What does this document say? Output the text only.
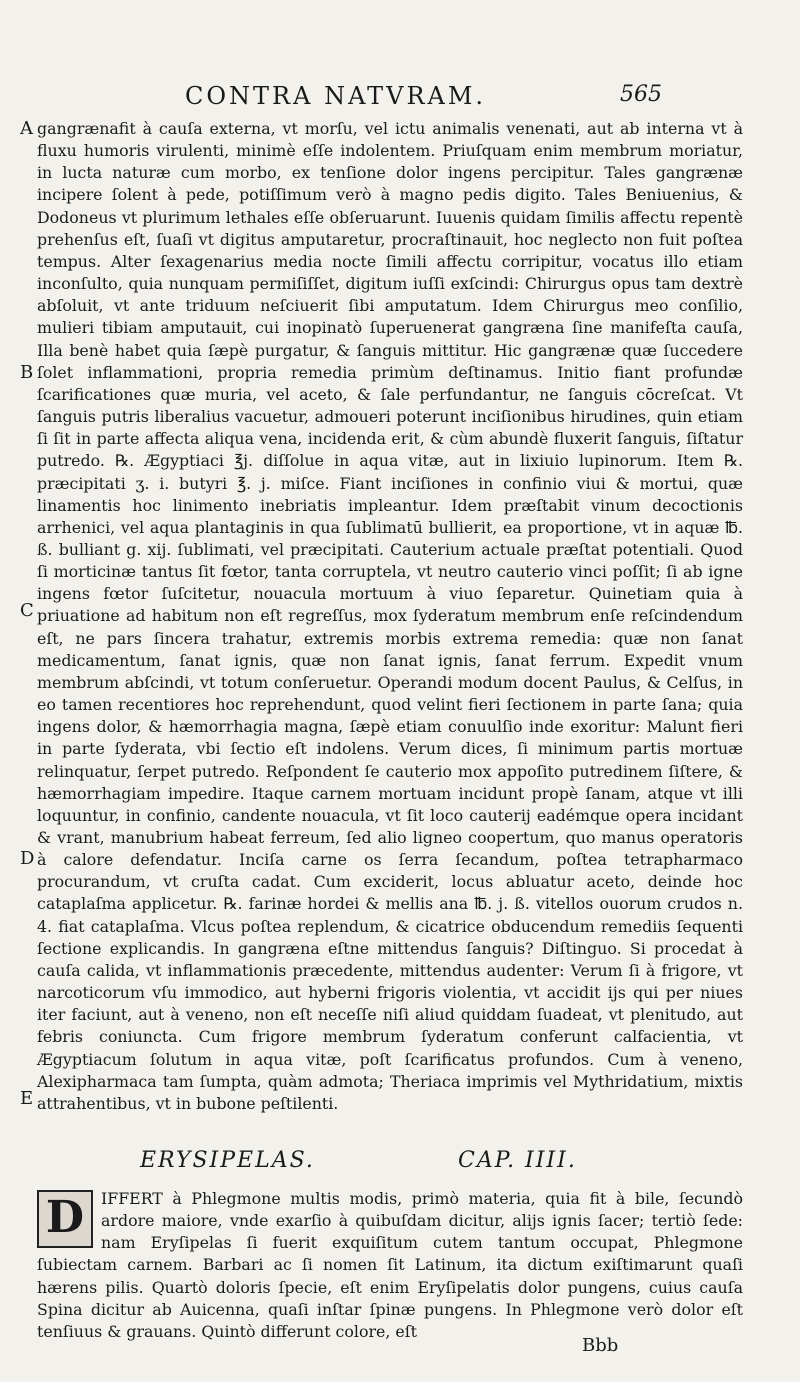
CONTRA NATVRAM.	565
A
B
C
D
E

gangrænafit à cauſa externa, vt morſu, vel ictu animalis venenati, aut ab interna vt à fluxu humoris virulenti, minimè eſſe indolentem. Priuſquam enim membrum moriatur, in lucta naturæ cum morbo, ex tenſione dolor ingens percipitur. Tales gangrænæ incipere ſolent à pede, potiſſimum verò à magno pedis digito. Tales Beniuenius, & Dodoneus vt plurimum lethales eſſe obſeruarunt. Iuuenis quidam ſimilis affectu repentè prehenſus eſt, ſuaſi vt digitus amputaretur, procraſtinauit, hoc neglecto non fuit poſtea tempus. Alter ſexagenarius media nocte ſimili affectu corripitur, vocatus illo etiam inconſulto, quia nunquam permiſiſſet, digitum iuſſi exſcindi: Chirurgus opus tam dextrè abſoluit, vt ante triduum neſciuerit ſibi amputatum. Idem Chirurgus meo conſilio, mulieri tibiam amputauit, cui inopinatò ſuperuenerat gangræna ſine manifeſta cauſa, Illa benè habet quia ſæpè purgatur, & ſanguis mittitur. Hic gangrænæ quæ ſuccedere ſolet inflammationi, propria remedia primùm deſtinamus. Initio fiant profundæ ſcarificationes quæ muria, vel aceto, & ſale perfundantur, ne ſanguis cōcreſcat. Vt ſanguis putris liberalius vacuetur, admoueri poterunt inciſionibus hirudines, quin etiam ſi ſit in parte affecta aliqua vena, incidenda erit, & cùm abundè fluxerit ſanguis, ſiſtatur putredo. ℞. Ægyptiaci ℥j. diſſolue in aqua vitæ, aut in lixiuio lupinorum. Item ℞. præcipitati ʒ. i. butyri ℥. j. miſce. Fiant inciſiones in confinio viui & mortui, quæ linamentis hoc linimento inebriatis impleantur. Idem præſtabit vinum decoctionis arrhenici, vel aqua plantaginis in qua ſublimatū bullierit, ea proportione, vt in aquæ ℔. ß. bulliant g. xij. ſublimati, vel præcipitati. Cauterium actuale præſtat potentiali. Quod ſi morticinæ tantus ſit fœtor, tanta corruptela, vt neutro cauterio vinci poſſit; ſi ab igne ingens fœtor ſuſcitetur, nouacula mortuum à viuo ſeparetur. Quinetiam quia à priuatione ad habitum non eſt regreſſus, mox ſyderatum membrum enſe reſcindendum eſt, ne pars ſincera trahatur, extremis morbis extrema remedia: quæ non ſanat medicamentum, ſanat ignis, quæ non ſanat ignis, ſanat ferrum. Expedit vnum membrum abſcindi, vt totum conſeruetur. Operandi modum docent Paulus, & Celſus, in eo tamen recentiores hoc reprehendunt, quod velint fieri ſectionem in parte ſana; quia ingens dolor, & hæmorrhagia magna, ſæpè etiam conuulſio inde exoritur: Malunt fieri in parte ſyderata, vbi ſectio eſt indolens. Verum dices, ſi minimum partis mortuæ relinquatur, ſerpet putredo. Reſpondent ſe cauterio mox appoſito putredinem ſiſtere, & hæmorrhagiam impedire. Itaque carnem mortuam incidunt propè ſanam, atque vt illi loquuntur, in confinio, candente nouacula, vt ſit loco cauterij eadémque opera incidant & vrant, manubrium habeat ferreum, ſed alio ligneo coopertum, quo manus operatoris à calore defendatur. Inciſa carne os ſerra ſecandum, poſtea tetrapharmaco procurandum, vt cruſta cadat. Cum exciderit, locus abluatur aceto, deinde hoc cataplaſma applicetur. ℞. farinæ hordei & mellis ana ℔. j. ß. vitellos ouorum crudos n. 4. fiat cataplaſma. Vlcus poſtea replendum, & cicatrice obducendum remediis ſequenti ſectione explicandis. In gangræna eſtne mittendus ſanguis? Diſtinguo. Si procedat à cauſa calida, vt inflammationis præcedente, mittendus audenter: Verum ſi à frigore, vt narcoticorum vſu immodico, aut hyberni frigoris violentia, vt accidit ijs qui per niues iter faciunt, aut à veneno, non eſt neceſſe niſi aliud quiddam ſuadeat, vt plenitudo, aut febris coniuncta. Cum frigore membrum ſyderatum conferunt calfacientia, vt Ægyptiacum ſolutum in aqua vitæ, poſt ſcarificatus profundos. Cum à veneno, Alexipharmaca tam ſumpta, quàm admota; Theriaca imprimis vel Mythridatium, mixtis attrahentibus, vt in bubone peſtilenti.

ERYSIPELAS.	CAP. IIII.
D	IFFERT à Phlegmone multis modis, primò materia, quia fit à bile, ſecundò ardore maiore, vnde exarſio à quibuſdam dicitur, alijs ignis ſacer; tertiò ſede: nam Eryſipelas ſi fuerit exquiſitum cutem tantum occupat, Phlegmone ſubiectam carnem. Barbari ac ſi nomen ſit Latinum, ita dictum exiſtimarunt quaſi hærens pilis. Quartò doloris ſpecie, eſt enim Eryſipelatis dolor pungens, cuius cauſa Spina dicitur ab Auicenna, quaſi inſtar ſpinæ pungens. In Phlegmone verò dolor eſt tenſiuus & grauans. Quintò differunt colore, eſt
Bbb
